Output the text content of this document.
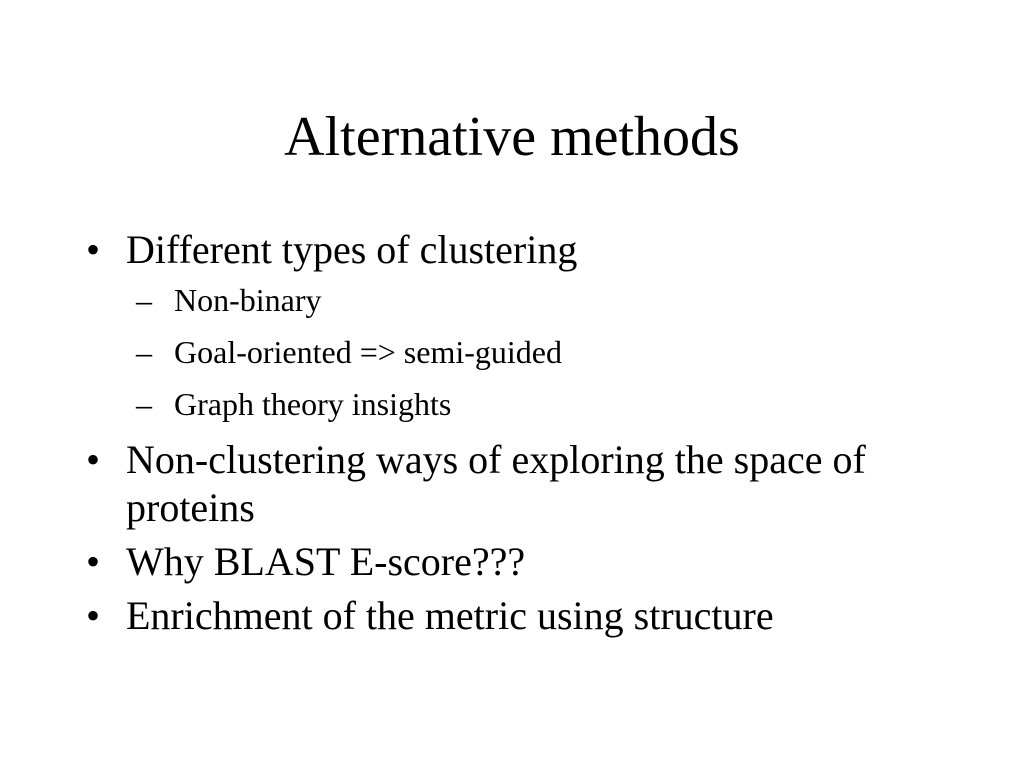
Alternative methods
• Different types of clustering
– Non-binary
– Goal-oriented => semi-guided
– Graph theory insights
• Non-clustering ways of exploring the space of proteins
• Why BLAST E-score???
• Enrichment of the metric using structure
